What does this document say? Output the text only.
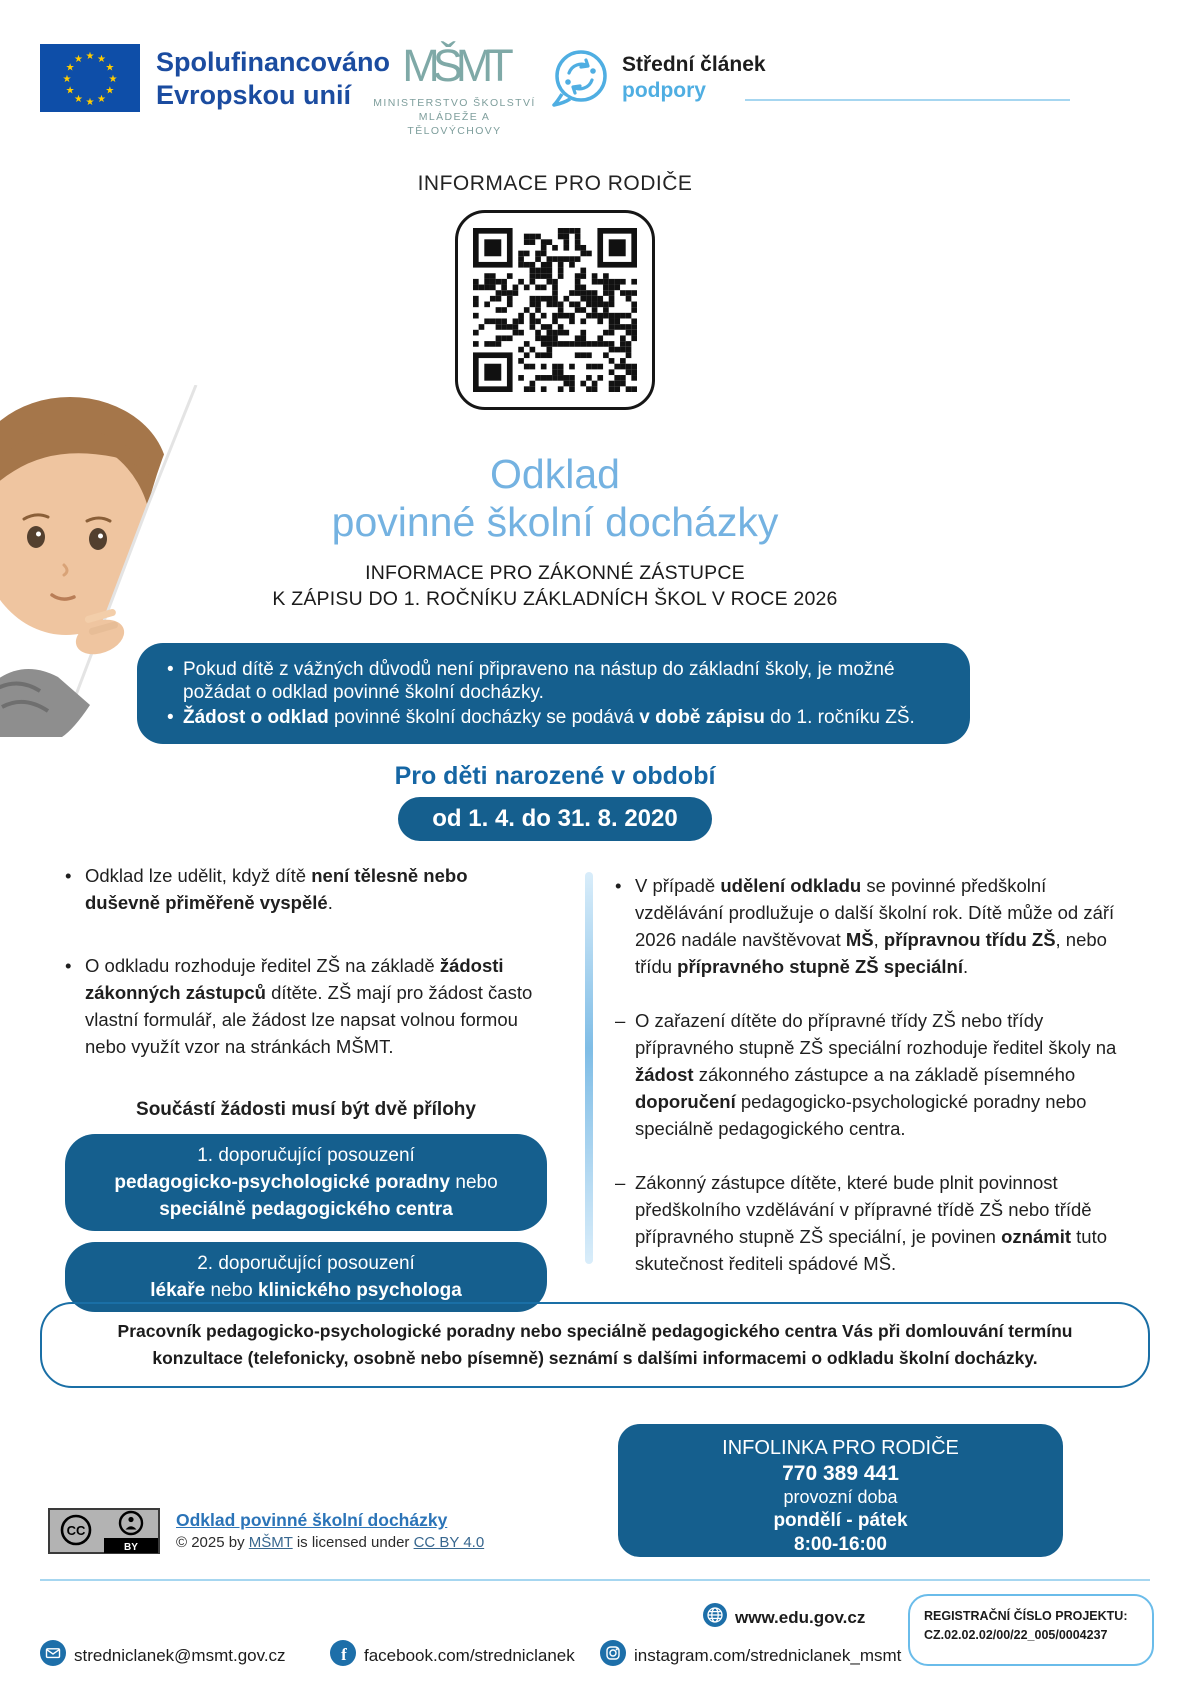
★ ★
★
★
★
★
★
★
★
★
★
★	Spolufinancováno
Evropskou unií
MŠMT
MINISTERSTVO ŠKOLSTVÍ
MLÁDEŽE A TĚLOVÝCHOVY
Střední článek
podpory
INFORMACE PRO RODIČE
Odklad
povinné školní docházky
INFORMACE PRO ZÁKONNÉ ZÁSTUPCE
K ZÁPISU DO 1. ROČNÍKU ZÁKLADNÍCH ŠKOL V ROCE 2026

• Pokud dítě z vážných důvodů není připraveno na nástup do základní školy, je možné požádat o odklad povinné školní docházky.

• Žádost o odklad povinné školní docházky se podává v době zápisu do 1. ročníku ZŠ.

Pro děti narozené v období
od 1. 4. do 31. 8. 2020
• Odklad lze udělit, když dítě není tělesně nebo duševně přiměřeně vyspělé.
• O odkladu rozhoduje ředitel ZŠ na základě žádosti zákonných zástupců dítěte. ZŠ mají pro žádost často vlastní formulář, ale žádost lze napsat volnou formou nebo využít vzor na stránkách MŠMT.
Součástí žádosti musí být dvě přílohy
1. doporučující posouzení
pedagogicko-psychologické poradny nebo
speciálně pedagogického centra
2. doporučující posouzení
lékaře nebo klinického psychologa
• V případě udělení odkladu se povinné předškolní vzdělávání prodlužuje o další školní rok. Dítě může od září 2026 nadále navštěvovat MŠ, přípravnou třídu ZŠ, nebo třídu přípravného stupně ZŠ speciální.
– O zařazení dítěte do přípravné třídy ZŠ nebo třídy přípravného stupně ZŠ speciální rozhoduje ředitel školy na žádost zákonného zástupce a na základě písemného doporučení pedagogicko-psychologické poradny nebo speciálně pedagogického centra.
– Zákonný zástupce dítěte, které bude plnit povinnost předškolního vzdělávání v přípravné třídě ZŠ nebo třídě přípravného stupně ZŠ speciální, je povinen oznámit tuto skutečnost řediteli spádové MŠ.
Pracovník pedagogicko-psychologické poradny nebo speciálně pedagogického centra Vás při domlouvání termínu konzultace (telefonicky, osobně nebo písemně) seznámí s dalšími informacemi o odkladu školní docházky.
INFOLINKA PRO RODIČE
770 389 441
provozní doba
pondělí - pátek
8:00-16:00
BY
CC
Odklad povinné školní docházky
© 2025 by MŠMT is licensed under CC BY 4.0
www.edu.gov.cz	REGISTRAČNÍ ČÍSLO PROJEKTU:
CZ.02.02.02/00/22_005/0004237
stredniclanek@msmt.gov.cz	f facebook.com/stredniclanek	instagram.com/stredniclanek_msmt
